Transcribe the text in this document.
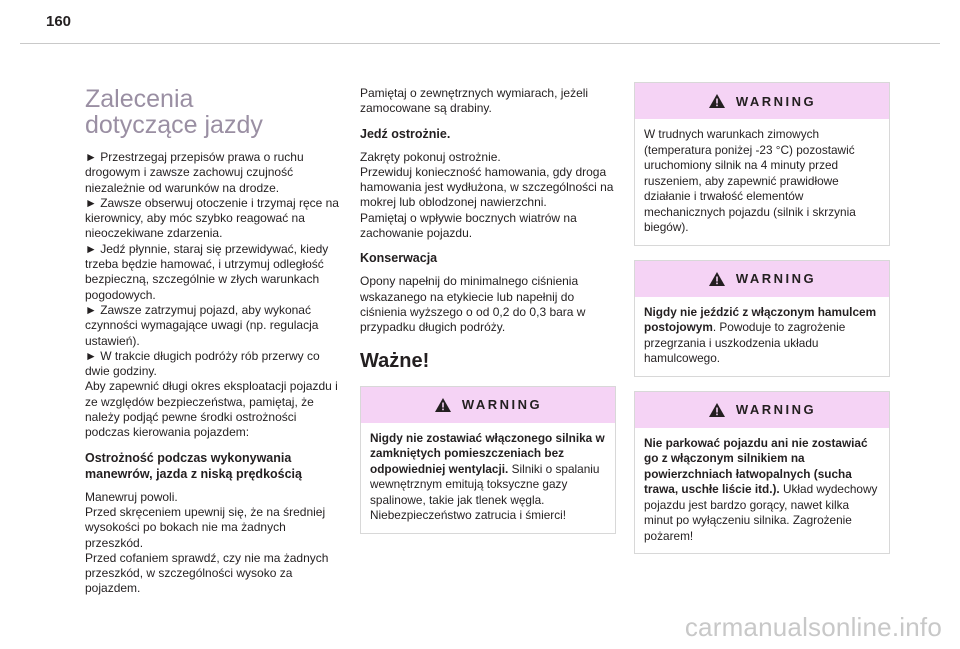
160
Zalecenia dotyczące jazdy

► Przestrzegaj przepisów prawa o ruchu drogowym i zawsze zachowuj czujność niezależnie od warunków na drodze.

► Zawsze obserwuj otoczenie i trzymaj ręce na kierownicy, aby móc szybko reagować na nieoczekiwane zdarzenia.

► Jedź płynnie, staraj się przewidywać, kiedy trzeba będzie hamować, i utrzymuj odległość bezpieczną, szczególnie w złych warunkach pogodowych.

► Zawsze zatrzymuj pojazd, aby wykonać czynności wymagające uwagi (np. regulacja ustawień).

► W trakcie długich podróży rób przerwy co dwie godziny.

Aby zapewnić długi okres eksploatacji pojazdu i ze względów bezpieczeństwa, pamiętaj, że należy podjąć pewne środki ostrożności podczas kierowania pojazdem:

Ostrożność podczas wykonywania manewrów, jazda z niską prędkością

Manewruj powoli.

Przed skręceniem upewnij się, że na średniej wysokości po bokach nie ma żadnych przeszkód.

Przed cofaniem sprawdź, czy nie ma żadnych przeszkód, w szczególności wysoko za pojazdem.

Pamiętaj o zewnętrznych wymiarach, jeżeli zamocowane są drabiny.

Jedź ostrożnie.

Zakręty pokonuj ostrożnie.

Przewiduj konieczność hamowania, gdy droga hamowania jest wydłużona, w szczególności na mokrej lub oblodzonej nawierzchni.

Pamiętaj o wpływie bocznych wiatrów na zachowanie pojazdu.

Konserwacja

Opony napełnij do minimalnego ciśnienia wskazanego na etykiecie lub napełnij do ciśnienia wyższego o od 0,2 do 0,3 bara w przypadku długich podróży.

Ważne!
WARNING
Nigdy nie zostawiać włączonego silnika w zamkniętych pomieszczeniach bez odpowiedniej wentylacji. Silniki o spalaniu wewnętrznym emitują toksyczne gazy spalinowe, takie jak tlenek węgla. Niebezpieczeństwo zatrucia i śmierci!
WARNING
W trudnych warunkach zimowych (temperatura poniżej -23 °C) pozostawić uruchomiony silnik na 4 minuty przed ruszeniem, aby zapewnić prawidłowe działanie i trwałość elementów mechanicznych pojazdu (silnik i skrzynia biegów).
WARNING
Nigdy nie jeździć z włączonym hamulcem postojowym. Powoduje to zagrożenie przegrzania i uszkodzenia układu hamulcowego.
WARNING
Nie parkować pojazdu ani nie zostawiać go z włączonym silnikiem na powierzchniach łatwopalnych (sucha trawa, uschłe liście itd.). Układ wydechowy pojazdu jest bardzo gorący, nawet kilka minut po wyłączeniu silnika. Zagrożenie pożarem!
carmanualsonline.info
